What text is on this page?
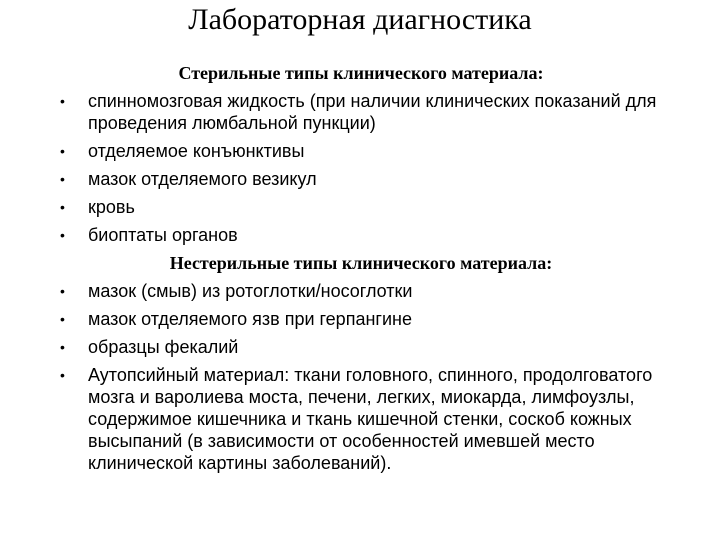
Лабораторная диагностика
Стерильные типы клинического материала:
• спинномозговая жидкость (при наличии клинических показаний для проведения люмбальной пункции)
• отделяемое конъюнктивы
• мазок отделяемого везикул
• кровь
• биоптаты органов
Нестерильные типы клинического материала:
• мазок (смыв) из ротоглотки/носоглотки
• мазок отделяемого язв при герпангине
• образцы фекалий
• Аутопсийный материал: ткани головного, спинного, продолговатого мозга и варолиева моста, печени, легких, миокарда, лимфоузлы, содержимое кишечника и ткань кишечной стенки, соскоб кожных высыпаний (в зависимости от особенностей имевшей место клинической картины заболеваний).
